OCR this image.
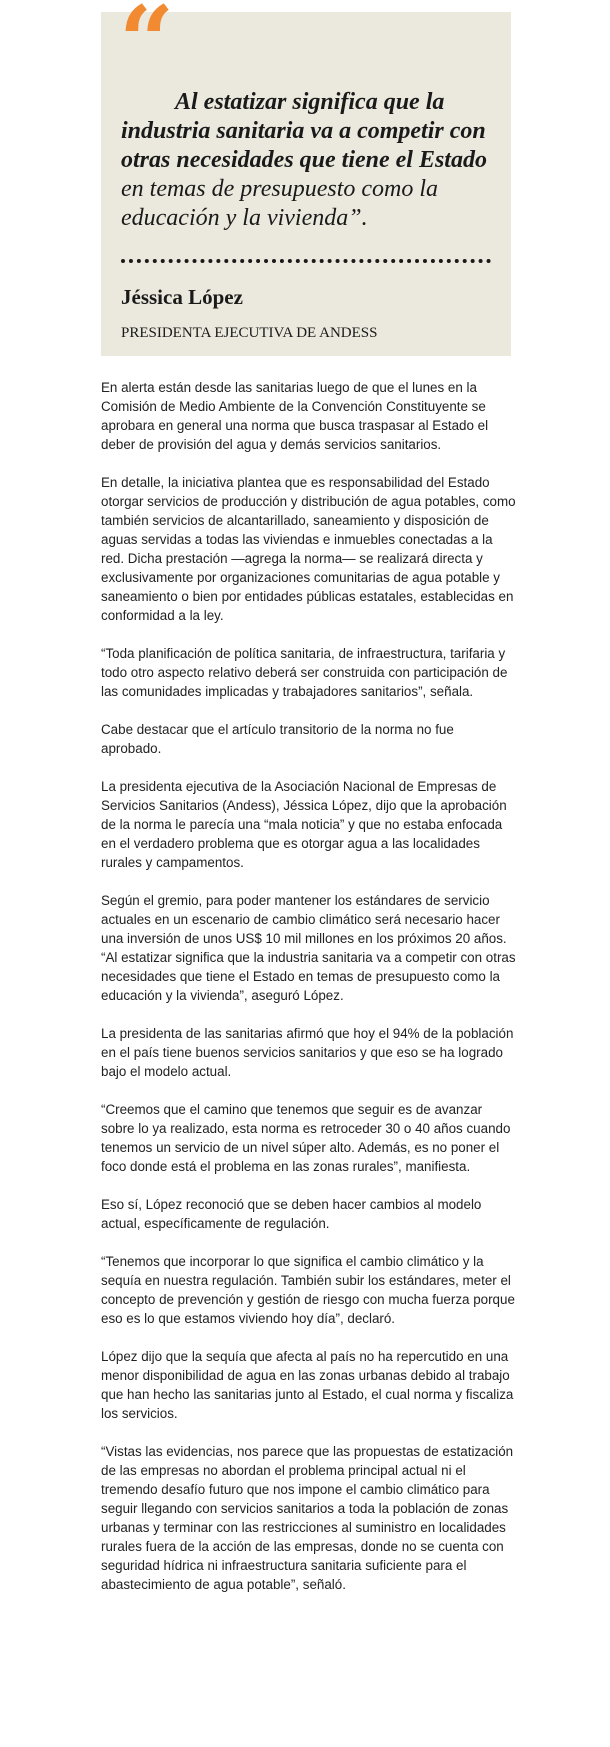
“

Al estatizar significa que la industria sanitaria va a competir con otras necesidades que tiene el Estado en temas de presupuesto como la educación y la vivienda”.

Jéssica López

PRESIDENTA EJECUTIVA DE ANDESS

En alerta están desde las sanitarias luego de que el lunes en la Comisión de Medio Ambiente de la Convención Constituyente se aprobara en general una norma que busca traspasar al Estado el deber de provisión del agua y demás servicios sanitarios.

En detalle, la iniciativa plantea que es responsabilidad del Estado otorgar servicios de producción y distribución de agua potables, como también servicios de alcantarillado, saneamiento y disposición de aguas servidas a todas las viviendas e inmuebles conectadas a la red. Dicha prestación —agrega la norma— se realizará directa y exclusivamente por organizaciones comunitarias de agua potable y saneamiento o bien por entidades públicas estatales, establecidas en conformidad a la ley.

“Toda planificación de política sanitaria, de infraestructura, tarifaria y todo otro aspecto relativo deberá ser construida con participación de las comunidades implicadas y trabajadores sanitarios”, señala.

Cabe destacar que el artículo transitorio de la norma no fue aprobado.

La presidenta ejecutiva de la Asociación Nacional de Empresas de Servicios Sanitarios (Andess), Jéssica López, dijo que la aprobación de la norma le parecía una “mala noticia” y que no estaba enfocada en el verdadero problema que es otorgar agua a las localidades rurales y campamentos.

Según el gremio, para poder mantener los estándares de servicio actuales en un escenario de cambio climático será necesario hacer una inversión de unos US$ 10 mil millones en los próximos 20 años. “Al estatizar significa que la industria sanitaria va a competir con otras necesidades que tiene el Estado en temas de presupuesto como la educación y la vivienda”, aseguró López.

La presidenta de las sanitarias afirmó que hoy el 94% de la población en el país tiene buenos servicios sanitarios y que eso se ha logrado bajo el modelo actual.

“Creemos que el camino que tenemos que seguir es de avanzar sobre lo ya realizado, esta norma es retroceder 30 o 40 años cuando tenemos un servicio de un nivel súper alto. Además, es no poner el foco donde está el problema en las zonas rurales”, manifiesta.

Eso sí, López reconoció que se deben hacer cambios al modelo actual, específicamente de regulación.

“Tenemos que incorporar lo que significa el cambio climático y la sequía en nuestra regulación. También subir los estándares, meter el concepto de prevención y gestión de riesgo con mucha fuerza porque eso es lo que estamos viviendo hoy día”, declaró.

López dijo que la sequía que afecta al país no ha repercutido en una menor disponibilidad de agua en las zonas urbanas debido al trabajo que han hecho las sanitarias junto al Estado, el cual norma y fiscaliza los servicios.

“Vistas las evidencias, nos parece que las propuestas de estatización de las empresas no abordan el problema principal actual ni el tremendo desafío futuro que nos impone el cambio climático para seguir llegando con servicios sanitarios a toda la población de zonas urbanas y terminar con las restricciones al suministro en localidades rurales fuera de la acción de las empresas, donde no se cuenta con seguridad hídrica ni infraestructura sanitaria suficiente para el abastecimiento de agua potable”, señaló.
